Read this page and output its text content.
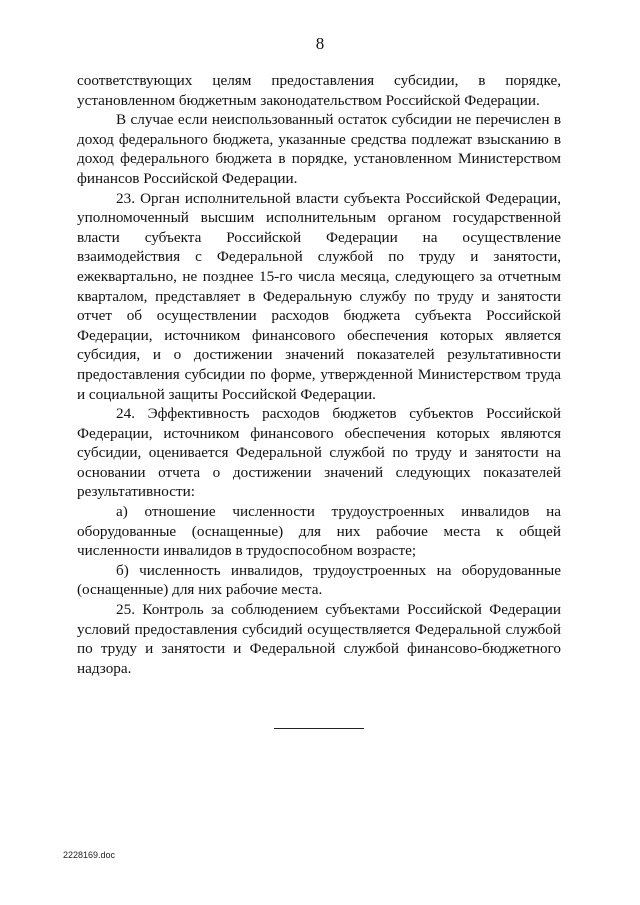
8

соответствующих целям предоставления субсидии, в порядке, установленном бюджетным законодательством Российской Федерации.

В случае если неиспользованный остаток субсидии не перечислен в доход федерального бюджета, указанные средства подлежат взысканию в доход федерального бюджета в порядке, установленном Министерством финансов Российской Федерации.

23. Орган исполнительной власти субъекта Российской Федерации, уполномоченный высшим исполнительным органом государственной власти субъекта Российской Федерации на осуществление взаимодействия с Федеральной службой по труду и занятости, ежеквартально, не позднее 15-го числа месяца, следующего за отчетным кварталом, представляет в Федеральную службу по труду и занятости отчет об осуществлении расходов бюджета субъекта Российской Федерации, источником финансового обеспечения которых является субсидия, и о достижении значений показателей результативности предоставления субсидии по форме, утвержденной Министерством труда и социальной защиты Российской Федерации.

24. Эффективность расходов бюджетов субъектов Российской Федерации, источником финансового обеспечения которых являются субсидии, оценивается Федеральной службой по труду и занятости на основании отчета о достижении значений следующих показателей результативности:

а) отношение численности трудоустроенных инвалидов на оборудованные (оснащенные) для них рабочие места к общей численности инвалидов в трудоспособном возрасте;

б) численность инвалидов, трудоустроенных на оборудованные (оснащенные) для них рабочие места.

25. Контроль за соблюдением субъектами Российской Федерации условий предоставления субсидий осуществляется Федеральной службой по труду и занятости и Федеральной службой финансово-бюджетного надзора.

2228169.doc
